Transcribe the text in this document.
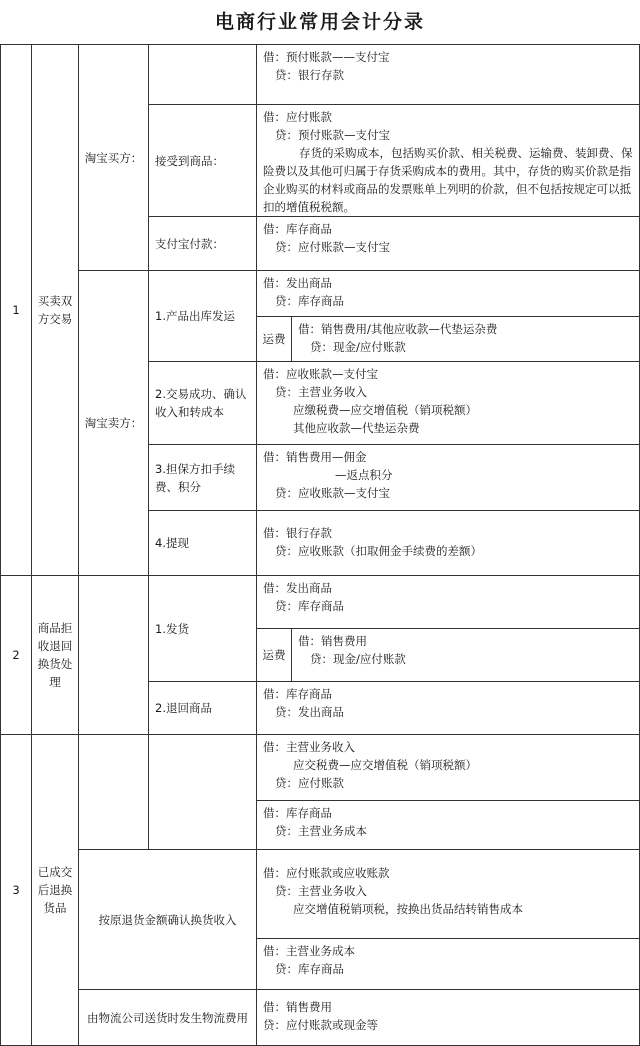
电商行业常用会计分录
1
2
3
买卖双方交易
商品拒收退回换货处理
已成交后退换货品
淘宝买方：
淘宝卖方：
接受到商品：
支付宝付款：
1.产品出库发运
2.交易成功、确认收入和转成本
3.担保方扣手续费、积分
4.提现
1.发货
2.退回商品
按原退货金额确认换货收入
由物流公司送货时发生物流费用
借：预付账款——支付宝
贷：银行存款
借：应付账款
贷：预付账款—支付宝
存货的采购成本，包括购买价款、相关税费、运输费、装卸费、保险费以及其他可归属于存货采购成本的费用。其中，存货的购买价款是指企业购买的材料或商品的发票账单上列明的价款，但不包括按规定可以抵扣的增值税税额。
借：库存商品
贷：应付账款—支付宝
借：发出商品
贷：库存商品
运费
借：销售费用/其他应收款—代垫运杂费
贷：现金/应付账款
借：应收账款—支付宝
贷：主营业务收入
应缴税费—应交增值税（销项税额）
其他应收款—代垫运杂费
借：销售费用—佣金
—返点积分
贷：应收账款—支付宝
借：银行存款
贷：应收账款（扣取佣金手续费的差额）
借：发出商品
贷：库存商品
运费
借：销售费用
贷：现金/应付账款
借：库存商品
贷：发出商品
借：主营业务收入
应交税费—应交增值税（销项税额）
贷：应付账款
借：库存商品
贷：主营业务成本
借：应付账款或应收账款
贷：主营业务收入
应交增值税销项税，按换出货品结转销售成本
借：主营业务成本
贷：库存商品
借：销售费用
贷：应付账款或现金等
